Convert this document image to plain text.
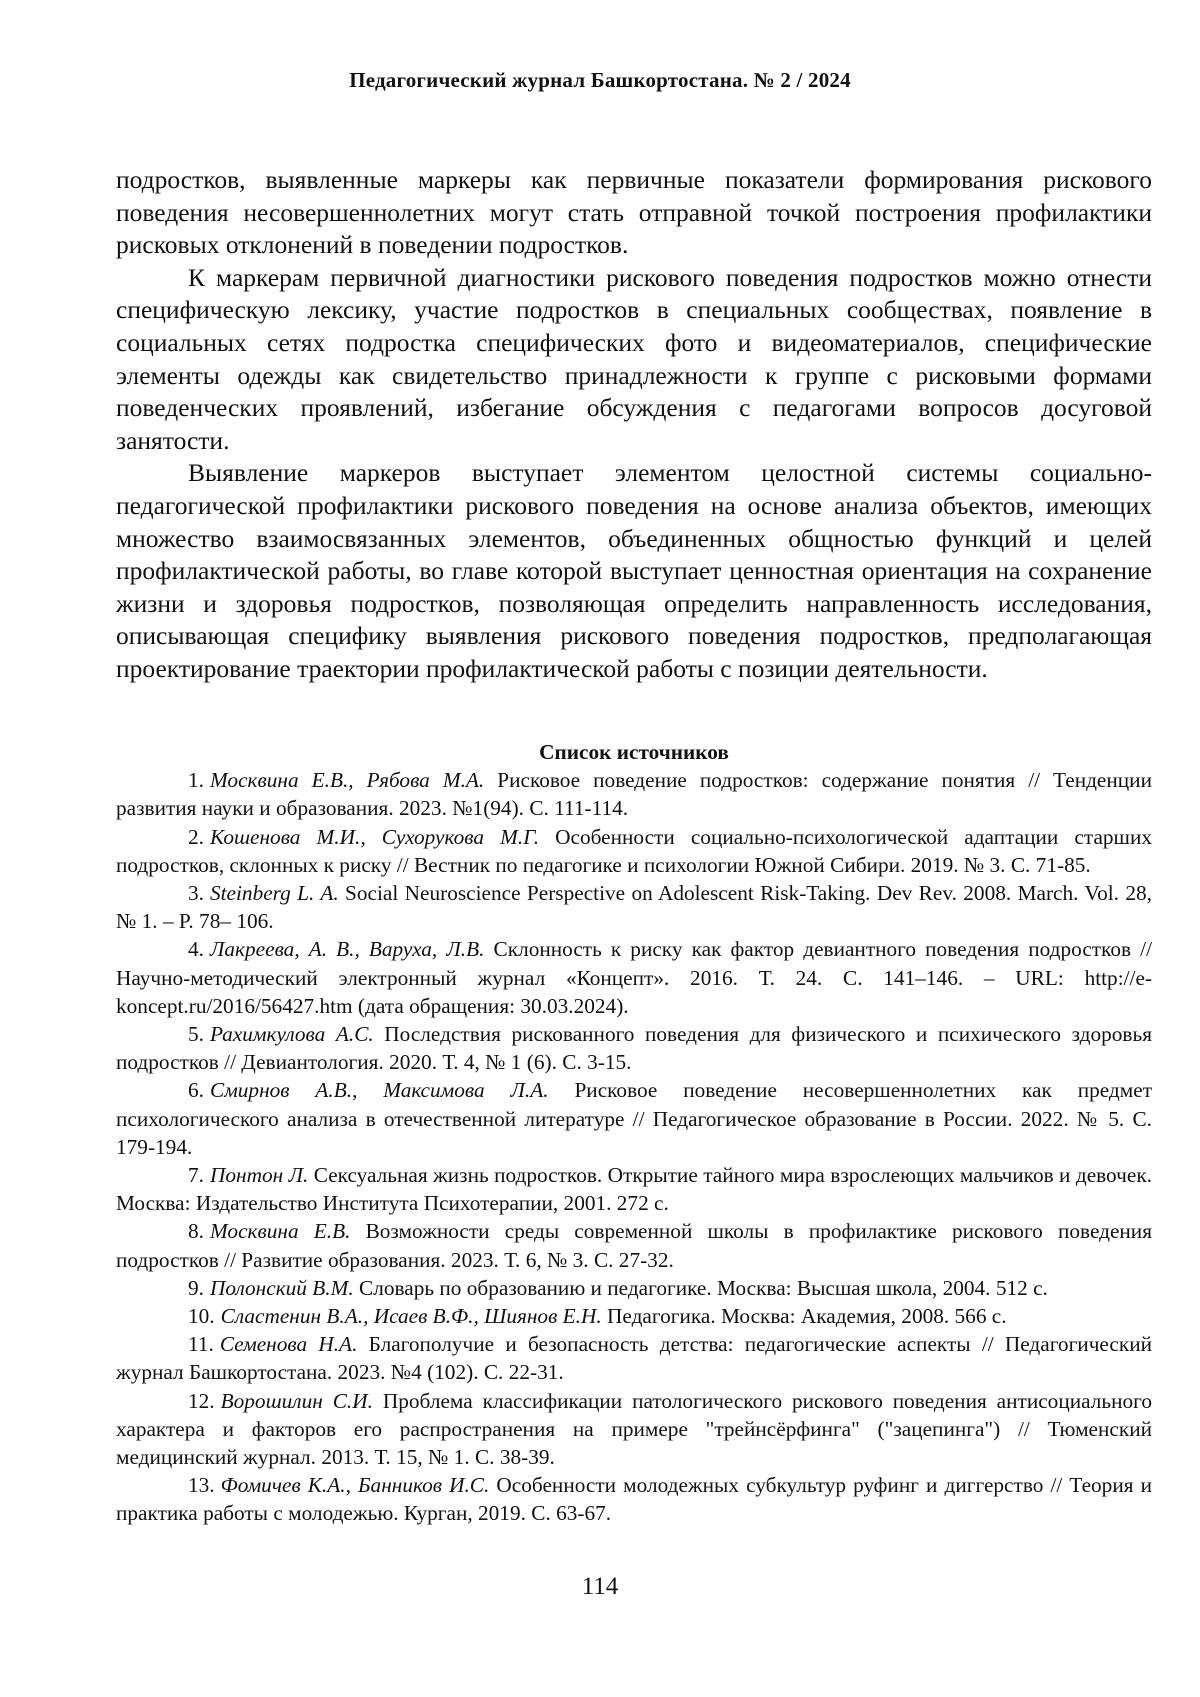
Педагогический журнал Башкортостана. № 2 / 2024

подростков, выявленные маркеры как первичные показатели формирования рискового поведения несовершеннолетних могут стать отправной точкой построения профилактики рисковых отклонений в поведении подростков.

К маркерам первичной диагностики рискового поведения подростков можно отнести специфическую лексику, участие подростков в специальных сообществах, появление в социальных сетях подростка специфических фото и видеоматериалов, специфические элементы одежды как свидетельство принадлежности к группе с рисковыми формами поведенческих проявлений, избегание обсуждения с педагогами вопросов досуговой занятости.

Выявление маркеров выступает элементом целостной системы социально-педагогической профилактики рискового поведения на основе анализа объектов, имеющих множество взаимосвязанных элементов, объединенных общностью функций и целей профилактической работы, во главе которой выступает ценностная ориентация на сохранение жизни и здоровья подростков, позволяющая определить направленность исследования, описывающая специфику выявления рискового поведения подростков, предполагающая проектирование траектории профилактической работы с позиции деятельности.

Список источников

1. Москвина Е.В., Рябова М.А. Рисковое поведение подростков: содержание понятия // Тенденции развития науки и образования. 2023. №1(94). С. 111-114.

2. Кошенова М.И., Сухорукова М.Г. Особенности социально-психологической адаптации старших подростков, склонных к риску // Вестник по педагогике и психологии Южной Сибири. 2019. № 3. С. 71-85.

3. Steinberg L. A. Social Neuroscience Perspective on Adolescent Risk-Taking. Dev Rev. 2008. March. Vol. 28, № 1. – P. 78– 106.

4. Лакреева, А. В., Варуха, Л.В. Склонность к риску как фактор девиантного поведения подростков // Научно-методический электронный журнал «Концепт». 2016. Т. 24. С. 141–146. – URL: http://e-koncept.ru/2016/56427.htm (дата обращения: 30.03.2024).

5. Рахимкулова А.С. Последствия рискованного поведения для физического и психического здоровья подростков // Девиантология. 2020. Т. 4, № 1 (6). С. 3-15.

6. Смирнов А.В., Максимова Л.А. Рисковое поведение несовершеннолетних как предмет психологического анализа в отечественной литературе // Педагогическое образование в России. 2022. № 5. С. 179-194.

7. Понтон Л. Сексуальная жизнь подростков. Открытие тайного мира взрослеющих мальчиков и девочек. Москва: Издательство Института Психотерапии, 2001. 272 с.

8. Москвина Е.В. Возможности среды современной школы в профилактике рискового поведения подростков // Развитие образования. 2023. Т. 6, № 3. С. 27-32.

9. Полонский В.М. Словарь по образованию и педагогике. Москва: Высшая школа, 2004. 512 с.

10. Сластенин В.А., Исаев В.Ф., Шиянов Е.Н. Педагогика. Москва: Академия, 2008. 566 с.

11. Семенова Н.А. Благополучие и безопасность детства: педагогические аспекты // Педагогический журнал Башкортостана. 2023. №4 (102). С. 22-31.

12. Ворошилин С.И. Проблема классификации патологического рискового поведения антисоциального характера и факторов его распространения на примере "трейнсёрфинга" ("зацепинга") // Тюменский медицинский журнал. 2013. Т. 15, № 1. С. 38-39.

13. Фомичев К.А., Банников И.С. Особенности молодежных субкультур руфинг и диггерство // Теория и практика работы с молодежью. Курган, 2019. С. 63-67.

114
